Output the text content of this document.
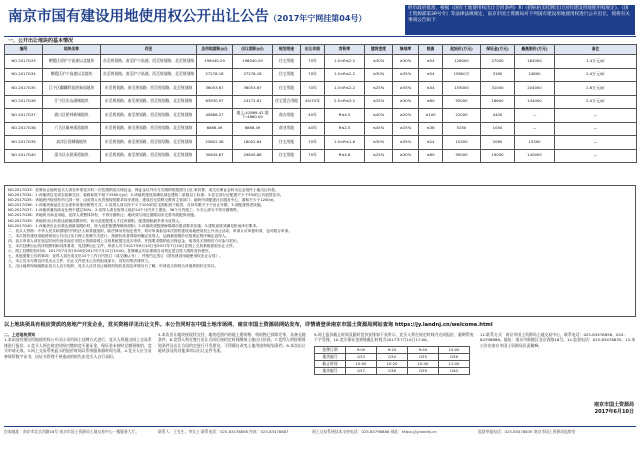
南京市国有建设用地使用权公开出让公告（2017年宁网挂第04号）
经市政府批准，根据《国有土地使用权出让合同条例》和《招标拍卖挂牌出让国有建设用地使用权规定》、《国土资源部第39号令》等法律法规规定，南京市国土资源局对下列国有建设用地使用权进行公开出让，现将有关事项公告如下：
一、公开出让地块的基本情况
编号	地块名称	四至	总用地面积(㎡)	出让面积(㎡)	规划用途	出让年限	容积率	建筑密度	绿地率	限高	起始价(万元)	保证金(万元)	最高限价(万元)	备注
NO.2017G33	栖霞区原沪宁高速以北地块	东至规划路、南至沪宁高速、西至规划路、北至规划路	199040.29	198040.29	住宅用地	70年	1.0<R≤2.2	≤30%	≥30%	≤54	126000	27000	184000	1.4万元/㎡
NO.2017G34	栖霞区沪宁高速以北地块	东至规划路、南至沪宁高速、西至规划路、北至规划路	27278.18	27278.18	住宅用地	70年	1.0<R≤2.2	≤30%	≥35%	≤54	15800万	3160	24800	2.4万元/㎡
NO.2017G35	江宁区麒麟科技创新园地块	东至规划路、南至规划路、西至规划路、北至规划路	36053.67	36053.67	住宅用地	70年	1.0<R≤2.2	≤25%	≥35%	≤54	155000	31000	204000	2.6万元/㎡
NO.2017G36	江宁区东山副城地块	东至规划路、南至规划路、西至规划路、北至规划路	63930.97	24172.61	住宅混合用地	40/70年	2.5<R≤3.2	≤35%	≥30%	≤80	93000	18600	144400	2.0万元/㎡
NO.2017G37	浦口区桥林新城地块	东至规划路、南至规划路、西至规划路、北至规划路	40888.27	地上:41869.42 地下:4860.00	商办用地	40年	R≤4.5	≤40%	≥20%	≤100	22000	4400	—	—
NO.2017G38	六合区雄州街道地块	东至规划路、南至规划路、西至规划路、北至规划路	6866.49	6866.49	商业用地	40年	R≤2.5	≤45%	≥25%	≤36	5250	1050	—	—
NO.2017G39	高淳区固城镇地块	东至规划路、南至规划路、西至规划路、北至规划路	25802.38	18002.64	住宅用地	70年	1.0<R≤1.6	≤30%	≥35%	≤24	10300	2060	15300	—
NO.2017G40	溧水区永阳街道地块	东至规划路、南至规划路、西至规划路、北至规划路	30645.87	29645.88	住宅用地	70年	R≤4.8	≤25%	≥30%	≤80	95000	19000	140000	—
NO.2017G33：挂牌出让地块竞买人须在申请竞买时一次性缴纳竞买保证金，保证金以外币方式缴纳的按照当日汇率折算，成交后保证金转为定金抵作土地出让价款。
NO.2017G34：1.该地块住宅须全装修交付，装修标准不低于1500元/㎡；2.该地块建设须满足绿色建筑二星级以上标准；3.住宅部分应配建不少于5%的公共租赁住房。
NO.2017G35：该地块内规划有幼儿园一所，由竞得人负责按规划要求同步建设，建成后无偿移交教育主管部门；地块内须配建社区服务中心，面积不少于1200㎡。
NO.2017G36：1.该地块商品住宅全部采用现房销售方式；2.竞得人须自持不少于10%的住宅面积用于租赁，自持年限不少于出让年限；3.须配建养老设施。
NO.2017G37：1.该地块兼容商业比例不超过30%；2.竞得人须在取得土地后24个月内开工建设，36个月内竣工；3.办公部分不得分割销售。
NO.2017G38：该地块为商业用地，竞得人须整体持有，不得分割转让；地块须与周边道路同步完善市政配套设施。
NO.2017G39：该地块出让价款达到最高限价时，转为竞报配建人才住房面积，配建面积最多者为竞得人。
NO.2017G40：1.该地块出让价款达到最高限价时，转为竞报配建保障房面积；2.该地块须按照海绵城市建设要求实施；3.建筑高度须满足机场净空要求。
二、竞买人资格：中华人民共和国境内外的法人和其他组织，除法律另有规定者外，均可申请参加本次国有建设用地使用权公开出让活动，申请人可单独申请，也可联合申请。
三、本次国有建设用地使用权公开出让实行网上挂牌方式进行，按照价高者得原则确定竞得人，达到最高限价后按规定程序确定竞得人。
四、竞买申请人须在规定时间内登录南京市国土资源局网上交易系统提交竞买申请，并按要求缴纳竞买保证金，取得竞买资格后方可参与报价。
五、本次挂牌出让的详细资料和具体要求，见挂牌出让文件，申请人可于2017年6月10日至2017年7月10日在网上交易系统获取出让文件。
六、网上挂牌报价时间：2017年7月3日9:00至2017年7月12日10:00，挂牌截止时由系统自动判定是否进入限时竞价程序。
七、其他需要公告的事项：竞得人须在成交后10个工作日内签订《成交确认书》，并按约定签订《国有建设用地使用权出让合同》。
八、本公告未尽事宜详见出让文件，出让文件是本公告的组成部分，具有同等法律效力。
九、出让地块现场踏勘由竞买人自行组织，竞买人应对出让地块的现状及周边环境自行了解，申请竞买即视为对地块现状无异议。
以上地块须具有相应资质的房地产开发企业，竞买资格详见出让文件。本公告同时在中国土地市场网、南京市国土资源局网站发布，详情请登录南京市国土资源局网站查询 https://jy.landnj.cn/welcome.html
二、上述地块须知
1.本次国有建设用地使用权公开出让采用网上挂牌方式进行，竞买人须通过网上交易系统进行报价。2.竞买人须在规定时间内缴纳竞买保证金，保证金未按时足额到账的，竞买申请无效。3.网上交易系统显示的报价时间以系统服务器时间为准。4.竞买人应当妥善保管数字证书，因证书管理不善造成的损失由竞买人自行承担。
5.本次出让地块按现状交付，地块范围内的地上建筑物、构筑物已拆除完毕，具备交地条件。6.竞得人须在签订出让合同后按约定时间缴纳土地出让价款。7.竞得人须按照规划条件及出让合同约定进行开发建设，不得擅自改变土地用途和规划条件。8.本次出让地块涉及的其他事项以出让文件为准。
9.网上报价截止时间及限时竞价安排如下表所示，竞买人须在规定时间内完成报价，逾期系统不予受理。10.竞买保证金到账截止时间为2017年7月10日17:00。
挂牌日期	9:00	9:20	9:40	10:00
地块编号	G33	G34	G35	G36
截止时间	10:00	10:20	10:40	11:00
地块编号	G37	G38	G39	G40
11.联系方式：南京市国土资源局土地交易中心，联系电话：025-83478856、025-84798886。地址：南京市鼓楼区北京西路18号。12.监督电话：025-83478835。13.本公告由南京市国土资源局负责解释。
南京市国土资源局
2017年6月10日
咨询地址：南京市北京西路18号 南京市国土资源局土地交易中心一楼服务大厅。	联系人：王先生、李女士 联系电话：025-83478856 传真：025-83478887	网上交易系统技术支持电话：025-84798886 网址：https://jy.landnj.cn	监督举报电话：025-83478835 南京市国土资源局监察室
